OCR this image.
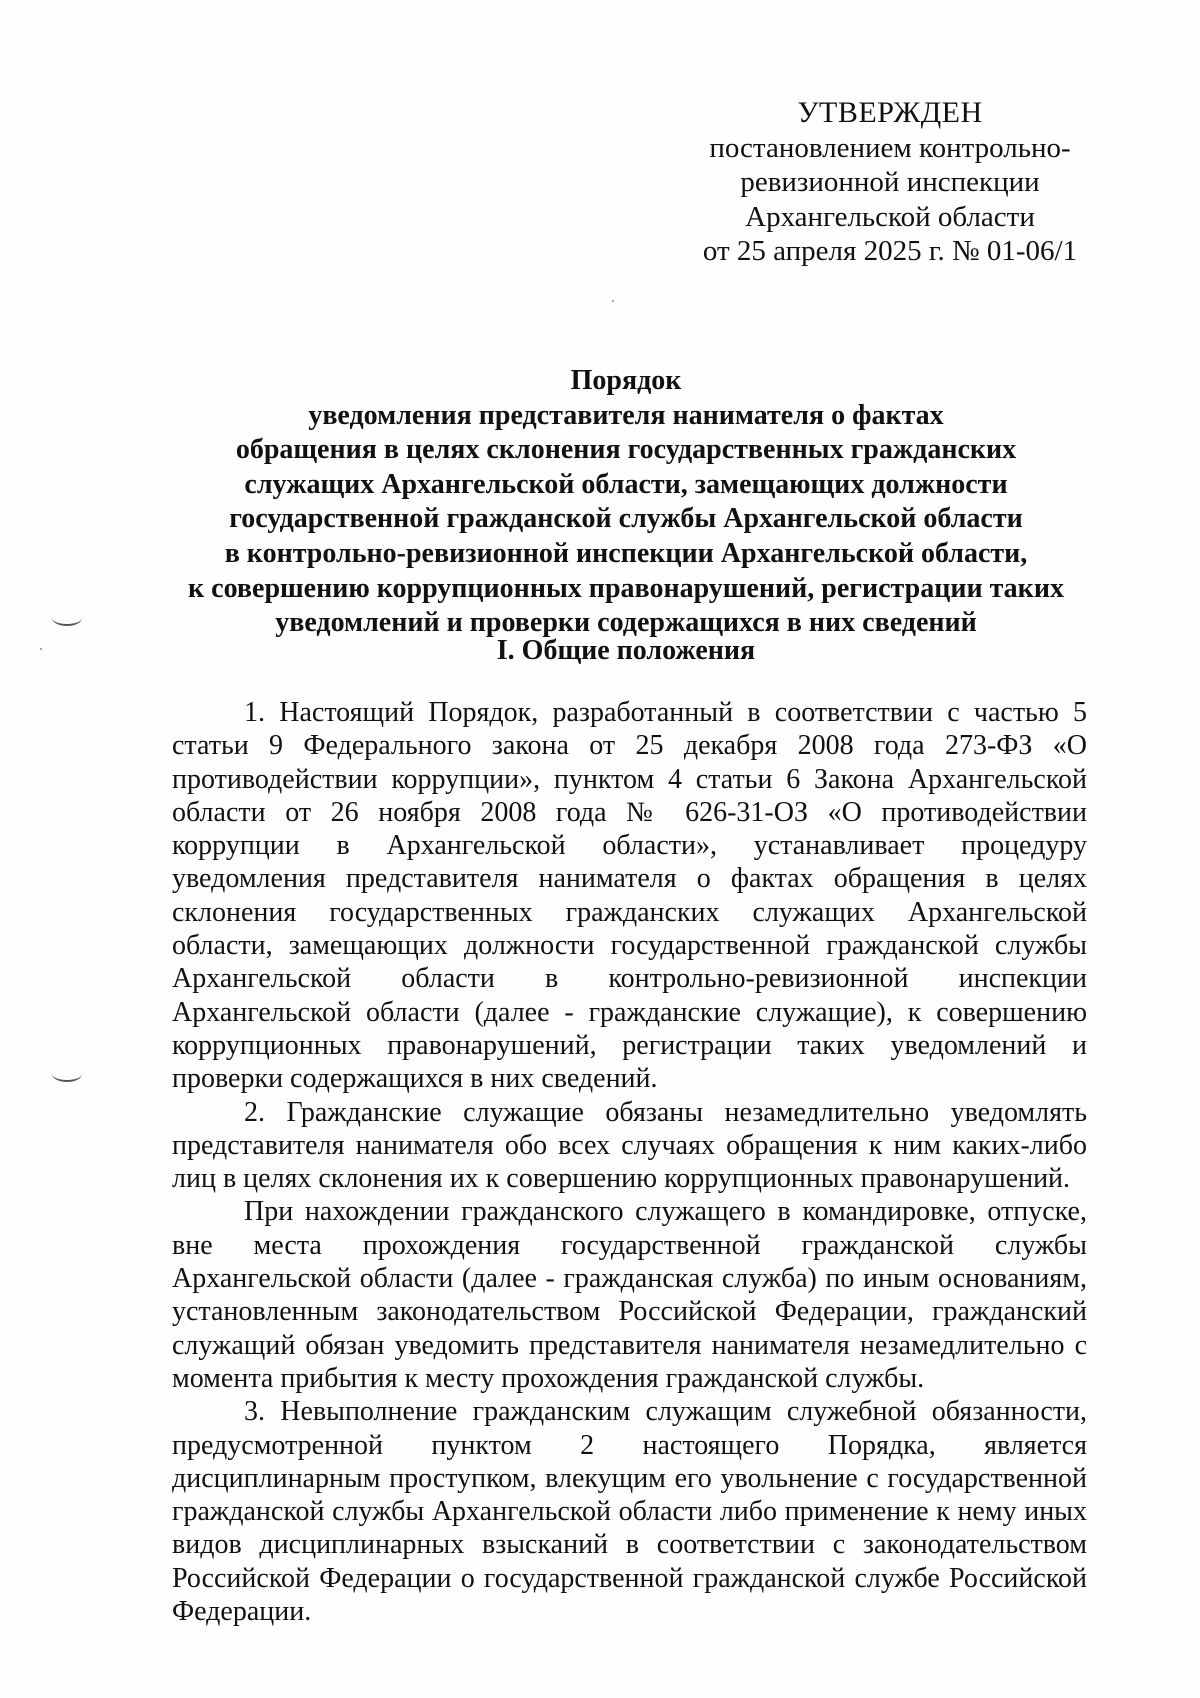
УТВЕРЖДЕН
постановлением контрольно-
ревизионной инспекции
Архангельской области
от 25 апреля 2025 г. № 01-06/1
Порядок
уведомления представителя нанимателя о фактах
обращения в целях склонения государственных гражданских
служащих Архангельской области, замещающих должности
государственной гражданской службы Архангельской области
в контрольно-ревизионной инспекции Архангельской области,
к совершению коррупционных правонарушений, регистрации таких
уведомлений и проверки содержащихся в них сведений
I. Общие положения

1. Настоящий Порядок, разработанный в соответствии с частью 5 статьи 9 Федерального закона от 25 декабря 2008 года 273-ФЗ «О противодействии коррупции», пунктом 4 статьи 6 Закона Архангельской области от 26 ноября 2008 года № 626-31-ОЗ «О противодействии коррупции в Архангельской области», устанавливает процедуру уведомления представителя нанимателя о фактах обращения в целях склонения государственных гражданских служащих Архангельской области, замещающих должности государственной гражданской службы Архангельской области в контрольно-ревизионной инспекции Архангельской области (далее - гражданские служащие), к совершению коррупционных правонарушений, регистрации таких уведомлений и проверки содержащихся в них сведений.

2. Гражданские служащие обязаны незамедлительно уведомлять представителя нанимателя обо всех случаях обращения к ним каких-либо лиц в целях склонения их к совершению коррупционных правонарушений.

При нахождении гражданского служащего в командировке, отпуске, вне места прохождения государственной гражданской службы Архангельской области (далее - гражданская служба) по иным основаниям, установленным законодательством Российской Федерации, гражданский служащий обязан уведомить представителя нанимателя незамедлительно с момента прибытия к месту прохождения гражданской службы.

3. Невыполнение гражданским служащим служебной обязанности, предусмотренной пунктом 2 настоящего Порядка, является дисциплинарным проступком, влекущим его увольнение с государственной гражданской службы Архангельской области либо применение к нему иных видов дисциплинарных взысканий в соответствии с законодательством Российской Федерации о государственной гражданской службе Российской Федерации.
